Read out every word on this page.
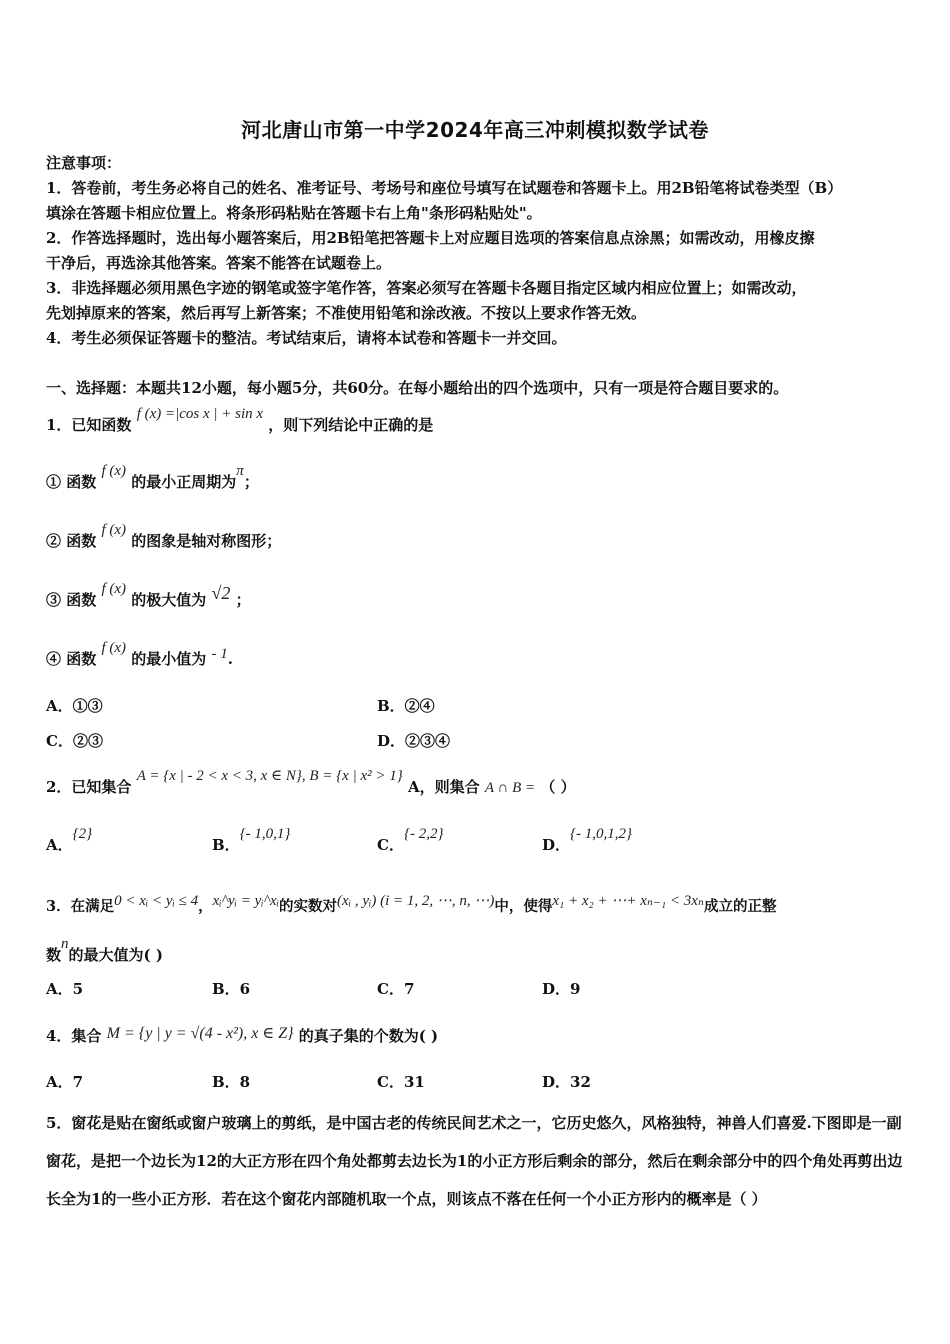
河北唐山市第一中学2024年高三冲刺模拟数学试卷
注意事项：
1．答卷前，考生务必将自己的姓名、准考证号、考场号和座位号填写在试题卷和答题卡上。用2B铅笔将试卷类型（B）
填涂在答题卡相应位置上。将条形码粘贴在答题卡右上角"条形码粘贴处"。
2．作答选择题时，选出每小题答案后，用2B铅笔把答题卡上对应题目选项的答案信息点涂黑；如需改动，用橡皮擦
干净后，再选涂其他答案。答案不能答在试题卷上。
3．非选择题必须用黑色字迹的钢笔或签字笔作答，答案必须写在答题卡各题目指定区域内相应位置上；如需改动，
先划掉原来的答案，然后再写上新答案；不准使用铅笔和涂改液。不按以上要求作答无效。
4．考生必须保证答题卡的整洁。考试结束后，请将本试卷和答题卡一并交回。
一、选择题：本题共12小题，每小题5分，共60分。在每小题给出的四个选项中，只有一项是符合题目要求的。
1．已知函数 f (x) =|cos x | + sin x ，则下列结论中正确的是
① 函数 f (x) 的最小正周期为π；
② 函数 f (x) 的图象是轴对称图形；
③ 函数 f (x) 的极大值为 √2 ；
④ 函数 f (x) 的最小值为 - 1.
A．①③	B．②④
C．②③	D．②③④
2．已知集合 A = {x | - 2 < x < 3, x ∈ N}, B = {x | x² > 1} A，则集合 A ∩ B = （ ）
A．{2}
B．{- 1,0,1}
C．{- 2,2}
D．{- 1,0,1,2}
3．在满足0 < xᵢ < yᵢ ≤ 4，xᵢ^yᵢ = yᵢ^xᵢ的实数对(xᵢ , yᵢ) (i = 1, 2, ⋯, n, ⋯)中，使得x₁ + x₂ + ⋯+ xₙ₋₁ < 3xₙ成立的正整
数n的最大值为( )
A．5	B．6	C．7	D．9
4．集合 M = {y | y = √(4 - x²), x ∈ Z} 的真子集的个数为( )
A．7	B．8	C．31	D．32
5．窗花是贴在窗纸或窗户玻璃上的剪纸，是中国古老的传统民间艺术之一，它历史悠久，风格独特，神兽人们喜爱.下图即是一副窗花，是把一个边长为12的大正方形在四个角处都剪去边长为1的小正方形后剩余的部分，然后在剩余部分中的四个角处再剪出边长全为1的一些小正方形．若在这个窗花内部随机取一个点，则该点不落在任何一个小正方形内的概率是（ ）
